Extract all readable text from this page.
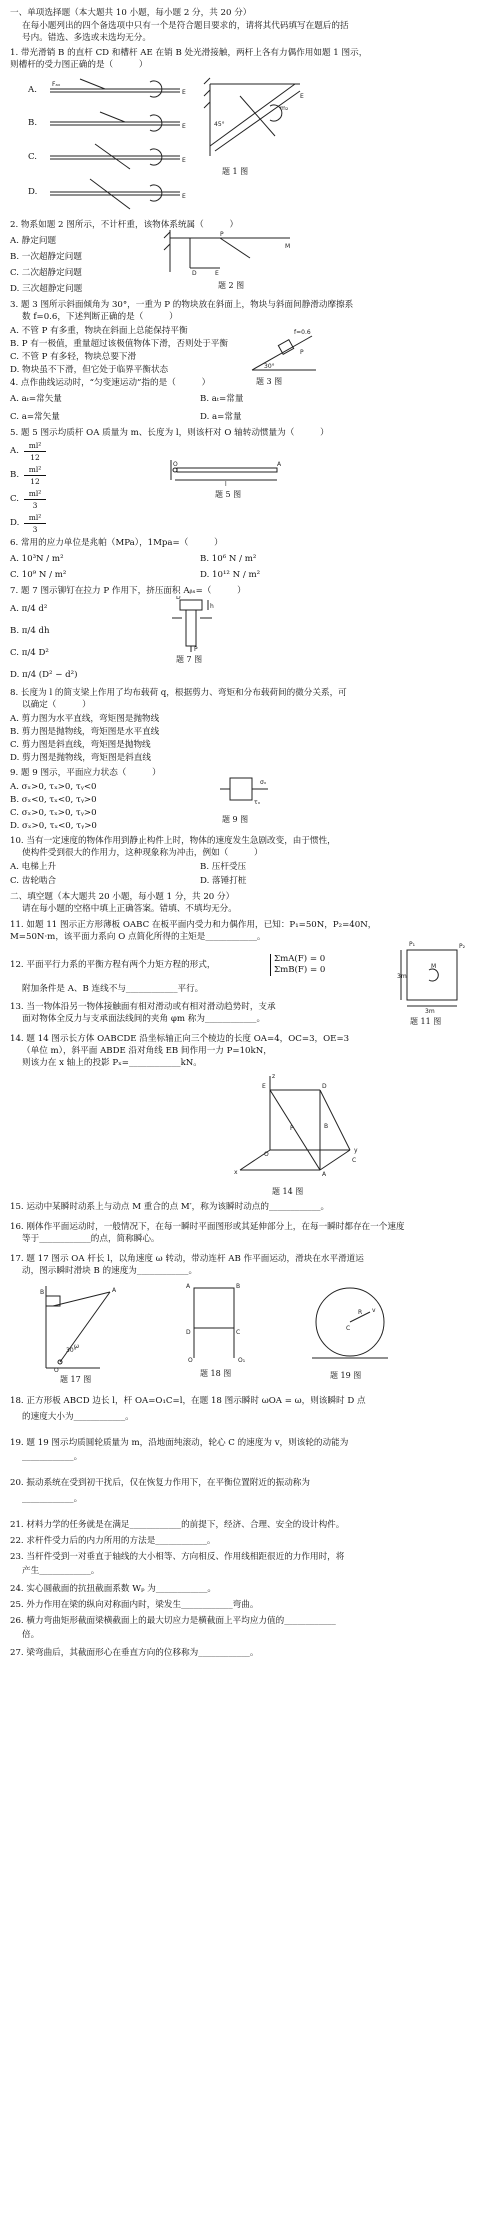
一、单项选择题（本大题共 10 小题，每小题 2 分，共 20 分）
在每小题列出的四个备选项中只有一个是符合题目要求的，请将其代码填写在题后的括
号内。错选、多选或未选均无分。
1. 带光滑销 B 的直杆 CD 和槽杆 AE 在销 B 处光滑接触，两杆上各有力偶作用如题 1 图示，
则槽杆的受力图正确的是（　　　）
A.
B.
C.
D.
Fₐₓ
E
E
E
E
45°
m₂
E
题 1 图
2. 物系如题 2 图所示，不计杆重，该物体系统属（　　　）
A. 静定问题
B. 一次超静定问题
C. 二次超静定问题
D. 三次超静定问题
P
M
D	E
题 2 图
3. 题 3 图所示斜面倾角为 30°，一重为 P 的物块放在斜面上，物块与斜面间静滑动摩擦系
数 f=0.6，下述判断正确的是（　　　）
A. 不管 P 有多重，物块在斜面上总能保持平衡
B. P 有一极值，重量超过该极值物体下滑，否则处于平衡
C. 不管 P 有多轻，物块总要下滑
D. 物块虽不下滑，但它处于临界平衡状态	30°
P
f=0.6
题 3 图
4. 点作曲线运动时，“匀变速运动”指的是（　　　）
A. aₜ=常矢量	B. aₜ=常量
C. a=常矢量	D. a=常量
5. 题 5 图示均质杆 OA 质量为 m、长度为 l，则该杆对 O 轴转动惯量为（　　　）
A.
B.
C.
D.
ml²
12
ml²
12
ml²
3
ml²
3
O	A
l
题 5 图
6. 常用的应力单位是兆帕（MPa），1Mpa=（　　　）
A. 10³N / m²	B. 10⁶ N / m²
C. 10⁹ N / m²	D. 10¹² N / m²
7. 题 7 图示铆钉在拉力 P 作用下，挤压面积 Aᵦₛ=（　　　）
A. π/4 d²
B. π/4 dh
C. π/4 D²
D. π/4 (D² − d²)
h
P
D
题 7 图
8. 长度为 l 的简支梁上作用了均布载荷 q，根据剪力、弯矩和分布载荷间的微分关系，可
以确定（　　　）
A. 剪力图为水平直线，弯矩图是抛物线
B. 剪力图是抛物线，弯矩图是水平直线
C. 剪力图是斜直线，弯矩图是抛物线
D. 剪力图是抛物线，弯矩图是斜直线
9. 题 9 图示，平面应力状态（　　　）
A. σₓ>0, τₓ>0, τᵧ<0
B. σₓ<0, τₓ<0, τᵧ>0
C. σₓ>0, τₓ>0, τᵧ>0
D. σₓ>0, τₓ<0, τᵧ>0
σₓ
τₓ
题 9 图
10. 当有一定速度的物体作用到静止构件上时，物体的速度发生急剧改变，由于惯性，
使构件受到很大的作用力，这种现象称为冲击，例如（　　　）
A. 电梯上升	B. 压杆受压
C. 齿轮啮合	D. 落锤打桩
二、填空题（本大题共 20 小题，每小题 1 分，共 20 分）
请在每小题的空格中填上正确答案。错填、不填均无分。
11. 如题 11 图示正方形薄板 OABC 在板平面内受力和力偶作用，已知：P₁=50N，P₂=40N，
M=50N·m，该平面力系向 O 点简化所得的主矩是____________。
3m
3m
M
P₂
P₁
题 11 图
12. 平面平行力系的平衡方程有两个力矩方程的形式，
ΣmA(F) = 0
ΣmB(F) = 0
附加条件是 A、B 连线不与____________平行。
13. 当一物体沿另一物体接触面有相对滑动或有相对滑动趋势时，支承
面对物体全反力与支承面法线间的夹角 φm 称为____________。
14. 题 14 图示长方体 OABCDE 沿坐标轴正向三个棱边的长度 OA=4，OC=3，OE=3
（单位 m），斜平面 ABDE 沿对角线 EB 间作用一力 P=10kN，
则该力在 x 轴上的投影 Pₓ=____________kN。
z
y
x
P
O
A
D
E
C
B
题 14 图
15. 运动中某瞬时动系上与动点 M 重合的点 M′，称为该瞬时动点的____________。
16. 刚体作平面运动时，一般情况下，在每一瞬时平面图形或其延伸部分上，在每一瞬时都存在一个速度
等于____________的点，简称瞬心。
17. 题 17 图示 OA 杆长 l，以角速度 ω 转动，带动连杆 AB 作平面运动，滑块在水平滑道运
动，图示瞬时滑块 B 的速度为____________。
B	A
O
30°
ω
A	B
D	C
O	O₁
C
R v
题 17 图
题 18 图	题 19 图
18. 正方形板 ABCD 边长 l，杆 OA=O₁C=l，在题 18 图示瞬时 ωOA = ω，则该瞬时 D 点
的速度大小为____________。
19. 题 19 图示均质圆轮质量为 m，沿地面纯滚动，轮心 C 的速度为 v，则该轮的动能为
____________。
20. 振动系统在受到初干扰后，仅在恢复力作用下，在平衡位置附近的振动称为
____________。
21. 材料力学的任务就是在满足____________的前提下，经济、合理、安全的设计构件。
22. 求杆件受力后的内力所用的方法是____________。
23. 当杆件受到一对垂直于轴线的大小相等、方向相反、作用线相距很近的力作用时，将
产生____________。
24. 实心圆截面的抗扭截面系数 Wₚ 为____________。
25. 外力作用在梁的纵向对称面内时，梁发生____________弯曲。
26. 横力弯曲矩形截面梁横截面上的最大切应力是横截面上平均应力值的____________
倍。
27. 梁弯曲后，其截面形心在垂直方向的位移称为____________。
